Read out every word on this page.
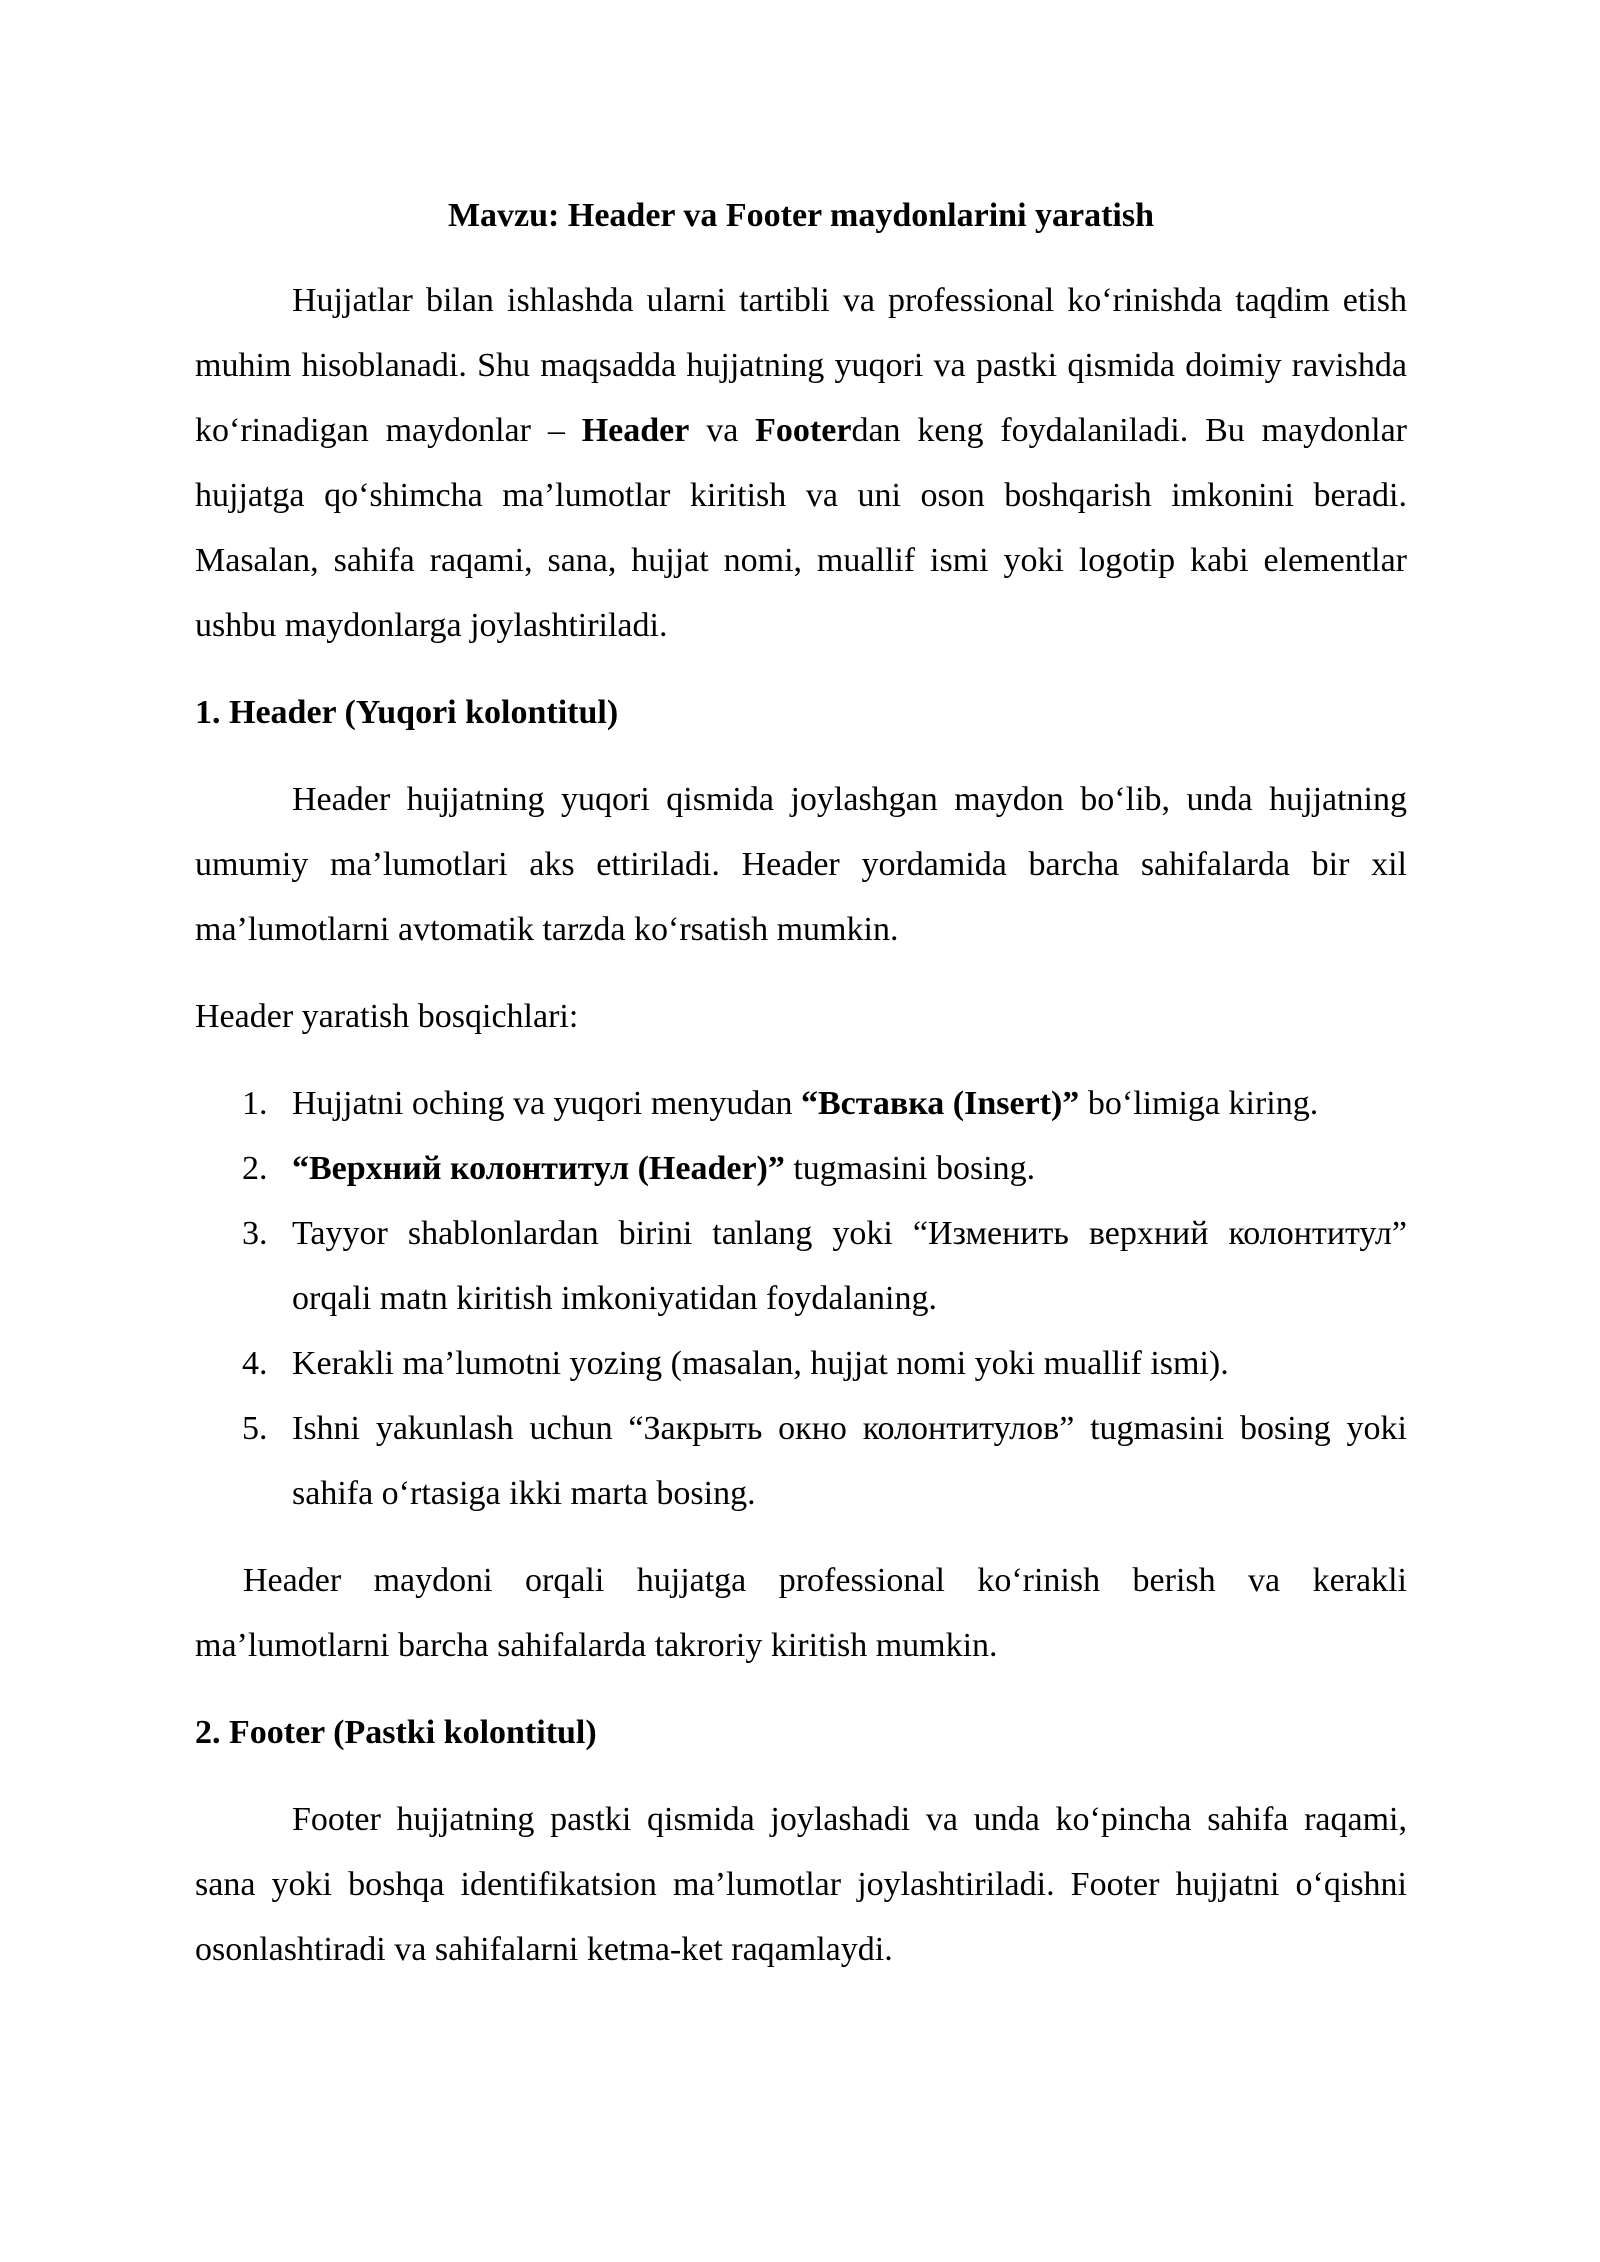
Mavzu: Header va Footer maydonlarini yaratish

Hujjatlar bilan ishlashda ularni tartibli va professional ko‘rinishda taqdim etish muhim hisoblanadi. Shu maqsadda hujjatning yuqori va pastki qismida doimiy ravishda ko‘rinadigan maydonlar – Header va Footerdan keng foydalaniladi. Bu maydonlar hujjatga qo‘shimcha ma’lumotlar kiritish va uni oson boshqarish imkonini beradi. Masalan, sahifa raqami, sana, hujjat nomi, muallif ismi yoki logotip kabi elementlar ushbu maydonlarga joylashtiriladi.

1. Header (Yuqori kolontitul)

Header hujjatning yuqori qismida joylashgan maydon bo‘lib, unda hujjatning umumiy ma’lumotlari aks ettiriladi. Header yordamida barcha sahifalarda bir xil ma’lumotlarni avtomatik tarzda ko‘rsatish mumkin.

Header yaratish bosqichlari:

1. Hujjatni oching va yuqori menyudan “Вставка (Insert)” bo‘limiga kiring.
2. “Верхний колонтитул (Header)” tugmasini bosing.
3. Tayyor shablonlardan birini tanlang yoki “Изменить верхний колонтитул” orqali matn kiritish imkoniyatidan foydalaning.
4. Kerakli ma’lumotni yozing (masalan, hujjat nomi yoki muallif ismi).
5. Ishni yakunlash uchun “Закрыть окно колонтитулов” tugmasini bosing yoki sahifa o‘rtasiga ikki marta bosing.

Header maydoni orqali hujjatga professional ko‘rinish berish va kerakli ma’lumotlarni barcha sahifalarda takroriy kiritish mumkin.

2. Footer (Pastki kolontitul)

Footer hujjatning pastki qismida joylashadi va unda ko‘pincha sahifa raqami, sana yoki boshqa identifikatsion ma’lumotlar joylashtiriladi. Footer hujjatni o‘qishni osonlashtiradi va sahifalarni ketma-ket raqamlaydi.
